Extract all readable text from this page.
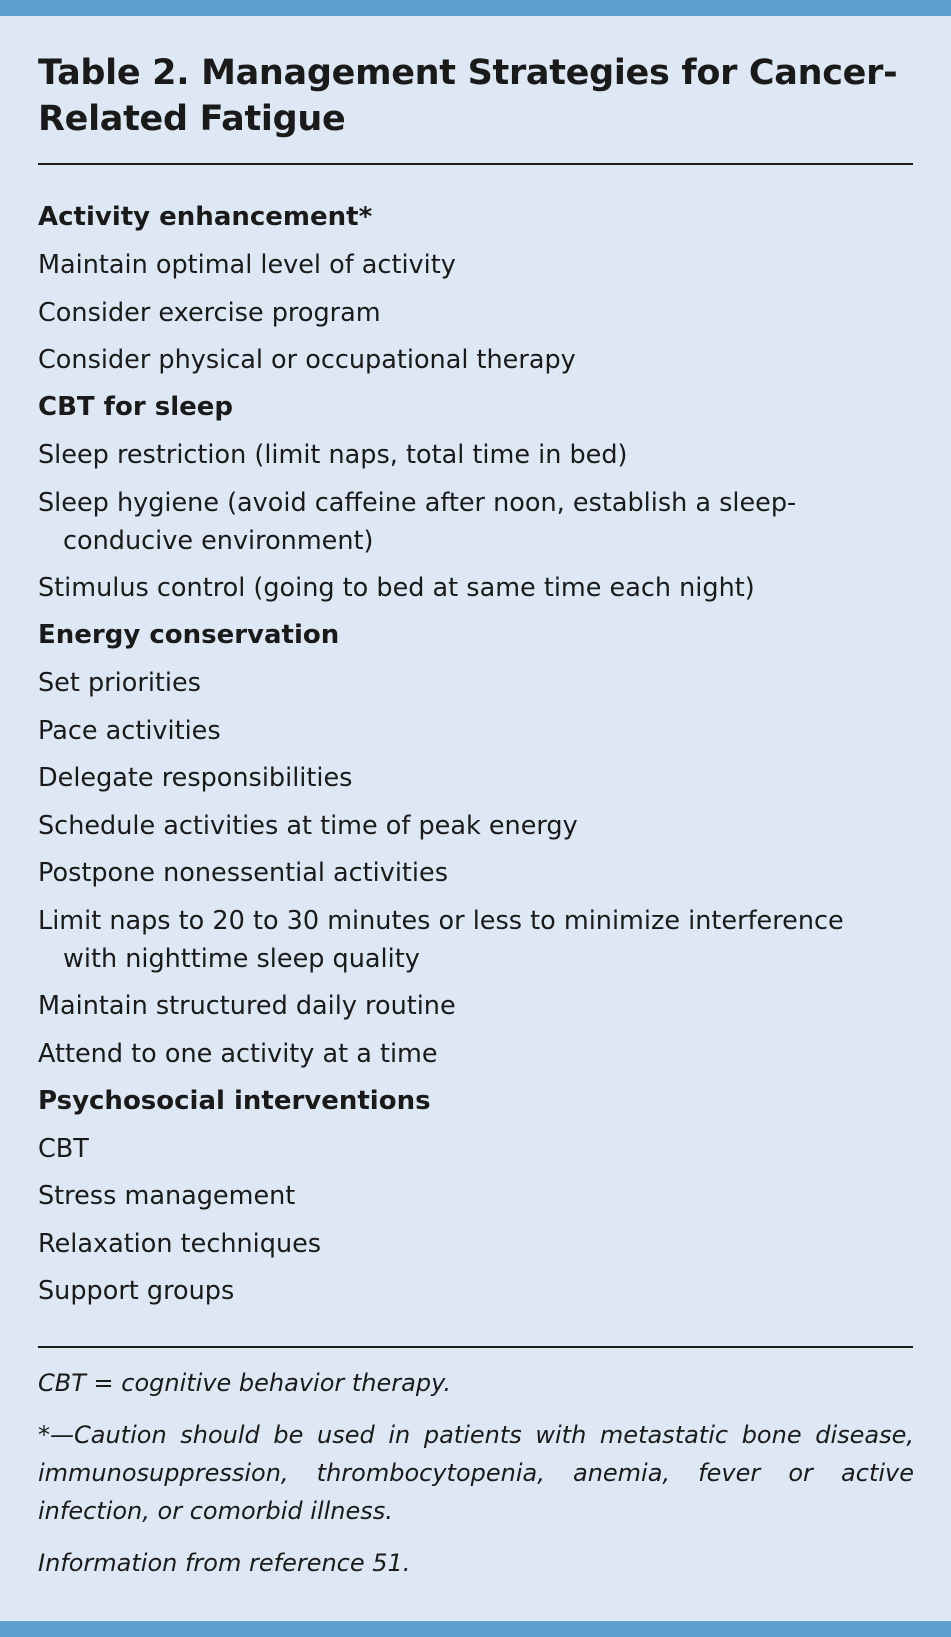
Table 2. Management Strategies for Cancer-
Related Fatigue
Activity enhancement*
Maintain optimal level of activity
Consider exercise program
Consider physical or occupational therapy
CBT for sleep
Sleep restriction (limit naps, total time in bed)
Sleep hygiene (avoid caffeine after noon, establish a sleep-
conducive environment)
Stimulus control (going to bed at same time each night)
Energy conservation
Set priorities
Pace activities
Delegate responsibilities
Schedule activities at time of peak energy
Postpone nonessential activities
Limit naps to 20 to 30 minutes or less to minimize interference
with nighttime sleep quality
Maintain structured daily routine
Attend to one activity at a time
Psychosocial interventions
CBT
Stress management
Relaxation techniques
Support groups
CBT = cognitive behavior therapy.
*—Caution should be used in patients with metastatic bone disease, immunosuppression, thrombocytopenia, anemia, fever or active infection, or comorbid illness.
Information from reference 51.
